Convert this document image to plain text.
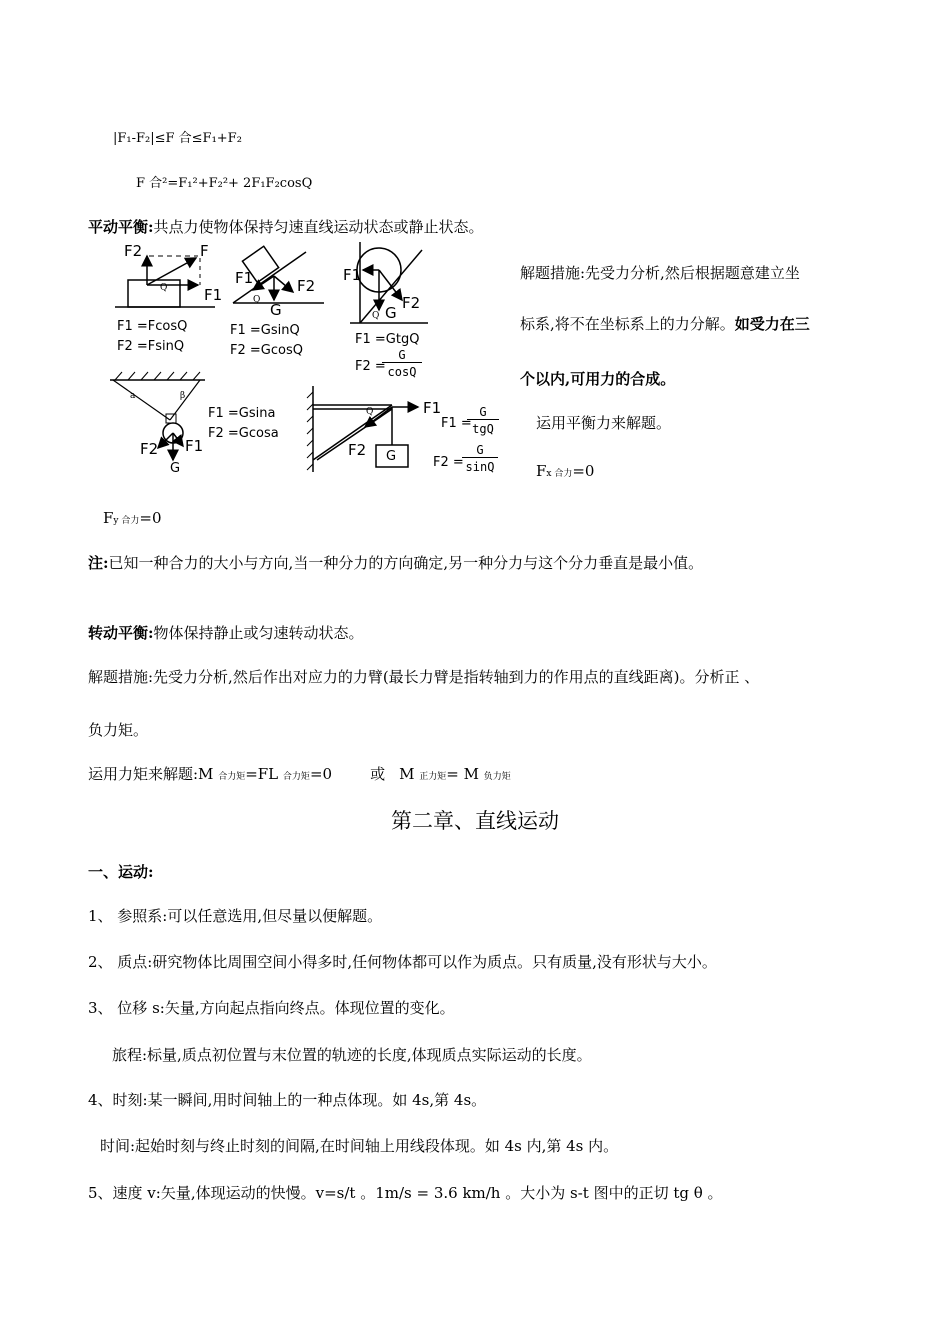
|F₁-F₂|≤F 合≤F₁+F₂
F 合²=F₁²+F₂²+ 2F₁F₂cosQ
平动平衡:共点力使物体保持匀速直线运动状态或静止状态。
F2	F
F1
Q
F1 =FcosQ
F2 =FsinQ
F1	F2
Q
G
F1 =GsinQ
F2 =GcosQ
F1
F2
Q G
F1 =GtgQ
F2 =
G
cosQ
a	β
F2 F1
G
F1 =Gsina
F2 =Gcosa
F1
Q
F2 G
F1 =
G
tgQ
F2 =
G
sinQ
解题措施:先受力分析,然后根据题意建立坐
标系,将不在坐标系上的力分解。如受力在三
个以内,可用力的合成。
运用平衡力来解题。
Fx 合力=0
Fy 合力=0
注:已知一种合力的大小与方向,当一种分力的方向确定,另一种分力与这个分力垂直是最小值。
转动平衡:物体保持静止或匀速转动状态。
解题措施:先受力分析,然后作出对应力的力臂(最长力臂是指转轴到力的作用点的直线距离)。分析正 、
负力矩。
运用力矩来解题:M 合力矩=FL 合力矩=0	或 M 正力矩= M 负力矩
第二章、直线运动
一、运动:
1、 参照系:可以任意选用,但尽量以便解题。
2、 质点:研究物体比周围空间小得多时,任何物体都可以作为质点。只有质量,没有形状与大小。
3、 位移 s:矢量,方向起点指向终点。体现位置的变化。
旅程:标量,质点初位置与末位置的轨迹的长度,体现质点实际运动的长度。
4、时刻:某一瞬间,用时间轴上的一种点体现。如 4s,第 4s。
时间:起始时刻与终止时刻的间隔,在时间轴上用线段体现。如 4s 内,第 4s 内。
5、速度 v:矢量,体现运动的快慢。v=s/t 。1m/s = 3.6 km/h 。大小为 s-t 图中的正切 tg θ 。
